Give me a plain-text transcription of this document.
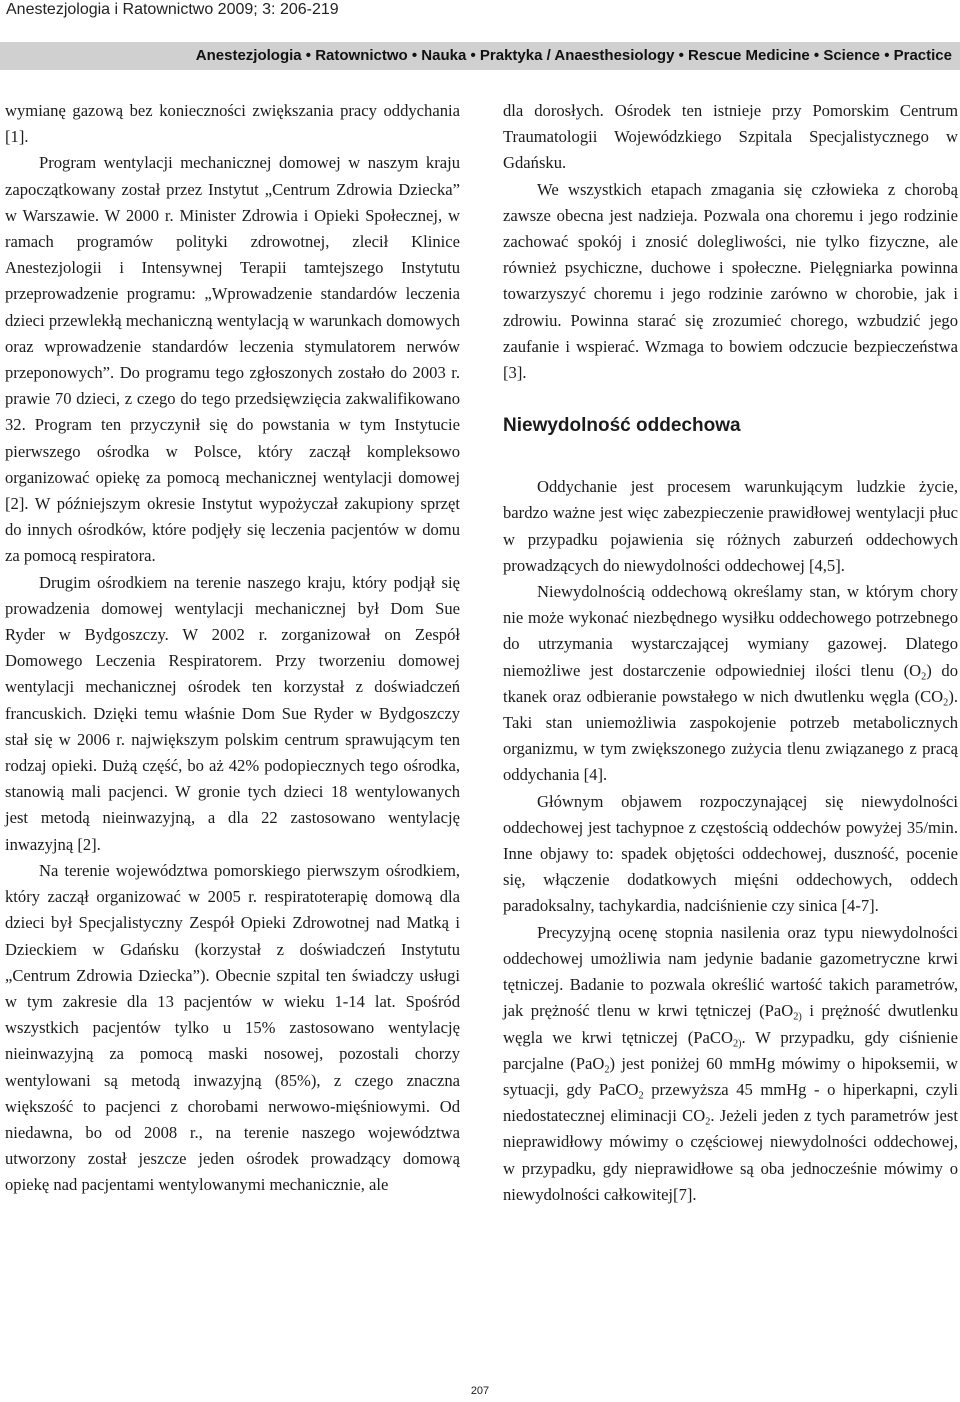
Anestezjologia i Ratownictwo 2009; 3: 206-219
Anestezjologia • Ratownictwo • Nauka • Praktyka / Anaesthesiology • Rescue Medicine • Science • Practice

wymianę gazową bez konieczności zwiększania pracy oddychania [1].

Program wentylacji mechanicznej domowej w naszym kraju zapoczątkowany został przez Instytut „Centrum Zdrowia Dziecka” w Warszawie. W 2000 r. Minister Zdrowia i Opieki Społecznej, w ramach programów polityki zdrowotnej, zlecił Klinice Anestezjologii i Intensywnej Terapii tamtejszego Instytutu przeprowadzenie programu: „Wprowadzenie standardów leczenia dzieci przewlekłą mechaniczną wentylacją w warunkach domowych oraz wprowadzenie standardów leczenia stymulatorem nerwów przeponowych”. Do programu tego zgłoszonych zostało do 2003 r. prawie 70 dzieci, z czego do tego przedsięwzięcia zakwalifikowano 32. Program ten przyczynił się do powstania w tym Instytucie pierwszego ośrodka w Polsce, który zaczął kompleksowo organizować opiekę za pomocą mechanicznej wentylacji domowej [2]. W późniejszym okresie Instytut wypożyczał zakupiony sprzęt do innych ośrodków, które podjęły się leczenia pacjentów w domu za pomocą respiratora.

Drugim ośrodkiem na terenie naszego kraju, który podjął się prowadzenia domowej wentylacji mechanicznej był Dom Sue Ryder w Bydgoszczy. W 2002 r. zorganizował on Zespół Domowego Leczenia Respiratorem. Przy tworzeniu domowej wentylacji mechanicznej ośrodek ten korzystał z doświadczeń francuskich. Dzięki temu właśnie Dom Sue Ryder w Bydgoszczy stał się w 2006 r. największym polskim centrum sprawującym ten rodzaj opieki. Dużą część, bo aż 42% podopiecznych tego ośrodka, stanowią mali pacjenci. W gronie tych dzieci 18 wentylowanych jest metodą nieinwazyjną, a dla 22 zastosowano wentylację inwazyjną [2].

Na terenie województwa pomorskiego pierwszym ośrodkiem, który zaczął organizować w 2005 r. respiratoterapię domową dla dzieci był Specjalistyczny Zespół Opieki Zdrowotnej nad Matką i Dzieckiem w Gdańsku (korzystał z doświadczeń Instytutu „Centrum Zdrowia Dziecka”). Obecnie szpital ten świadczy usługi w tym zakresie dla 13 pacjentów w wieku 1-14 lat. Spośród wszystkich pacjentów tylko u 15% zastosowano wentylację nieinwazyjną za pomocą maski nosowej, pozostali chorzy wentylowani są metodą inwazyjną (85%), z czego znaczna większość to pacjenci z chorobami nerwowo-mięśniowymi. Od niedawna, bo od 2008 r., na terenie naszego województwa utworzony został jeszcze jeden ośrodek prowadzący domową opiekę nad pacjentami wentylowanymi mechanicznie, ale

dla dorosłych. Ośrodek ten istnieje przy Pomorskim Centrum Traumatologii Wojewódzkiego Szpitala Specjalistycznego w Gdańsku.

We wszystkich etapach zmagania się człowieka z chorobą zawsze obecna jest nadzieja. Pozwala ona choremu i jego rodzinie zachować spokój i znosić dolegliwości, nie tylko fizyczne, ale również psychiczne, duchowe i społeczne. Pielęgniarka powinna towarzyszyć choremu i jego rodzinie zarówno w chorobie, jak i zdrowiu. Powinna starać się zrozumieć chorego, wzbudzić jego zaufanie i wspierać. Wzmaga to bowiem odczucie bezpieczeństwa [3].

Niewydolność oddechowa

Oddychanie jest procesem warunkującym ludzkie życie, bardzo ważne jest więc zabezpieczenie prawidłowej wentylacji płuc w przypadku pojawienia się różnych zaburzeń oddechowych prowadzących do niewydolności oddechowej [4,5].

Niewydolnością oddechową określamy stan, w którym chory nie może wykonać niezbędnego wysiłku oddechowego potrzebnego do utrzymania wystarczającej wymiany gazowej. Dlatego niemożliwe jest dostarczenie odpowiedniej ilości tlenu $(O_2)$ do tkanek oraz odbieranie powstałego w nich dwutlenku węgla $(CO_2)$. Taki stan uniemożliwia zaspokojenie potrzeb metabolicznych organizmu, w tym zwiększonego zużycia tlenu związanego z pracą oddychania [4].

Głównym objawem rozpoczynającej się niewydolności oddechowej jest tachypnoe z częstością oddechów powyżej 35/min. Inne objawy to: spadek objętości oddechowej, duszność, pocenie się, włączenie dodatkowych mięśni oddechowych, oddech paradoksalny, tachykardia, nadciśnienie czy sinica [4-7].

Precyzyjną ocenę stopnia nasilenia oraz typu niewydolności oddechowej umożliwia nam jedynie badanie gazometryczne krwi tętniczej. Badanie to pozwala określić wartość takich parametrów, jak prężność tlenu w krwi tętniczej (PaO$_{2)}$ i prężność dwutlenku węgla we krwi tętniczej (PaCO$_{2)}$. W przypadku, gdy ciśnienie parcjalne (PaO$_2$) jest poniżej 60 mmHg mówimy o hipoksemii, w sytuacji, gdy PaCO$_2$ przewyższa 45 mmHg - o hiperkapni, czyli niedostatecznej eliminacji $CO_2$. Jeżeli jeden z tych parametrów jest nieprawidłowy mówimy o częściowej niewydolności oddechowej, w przypadku, gdy nieprawidłowe są oba jednocześnie mówimy o niewydolności całkowitej[7].

207
